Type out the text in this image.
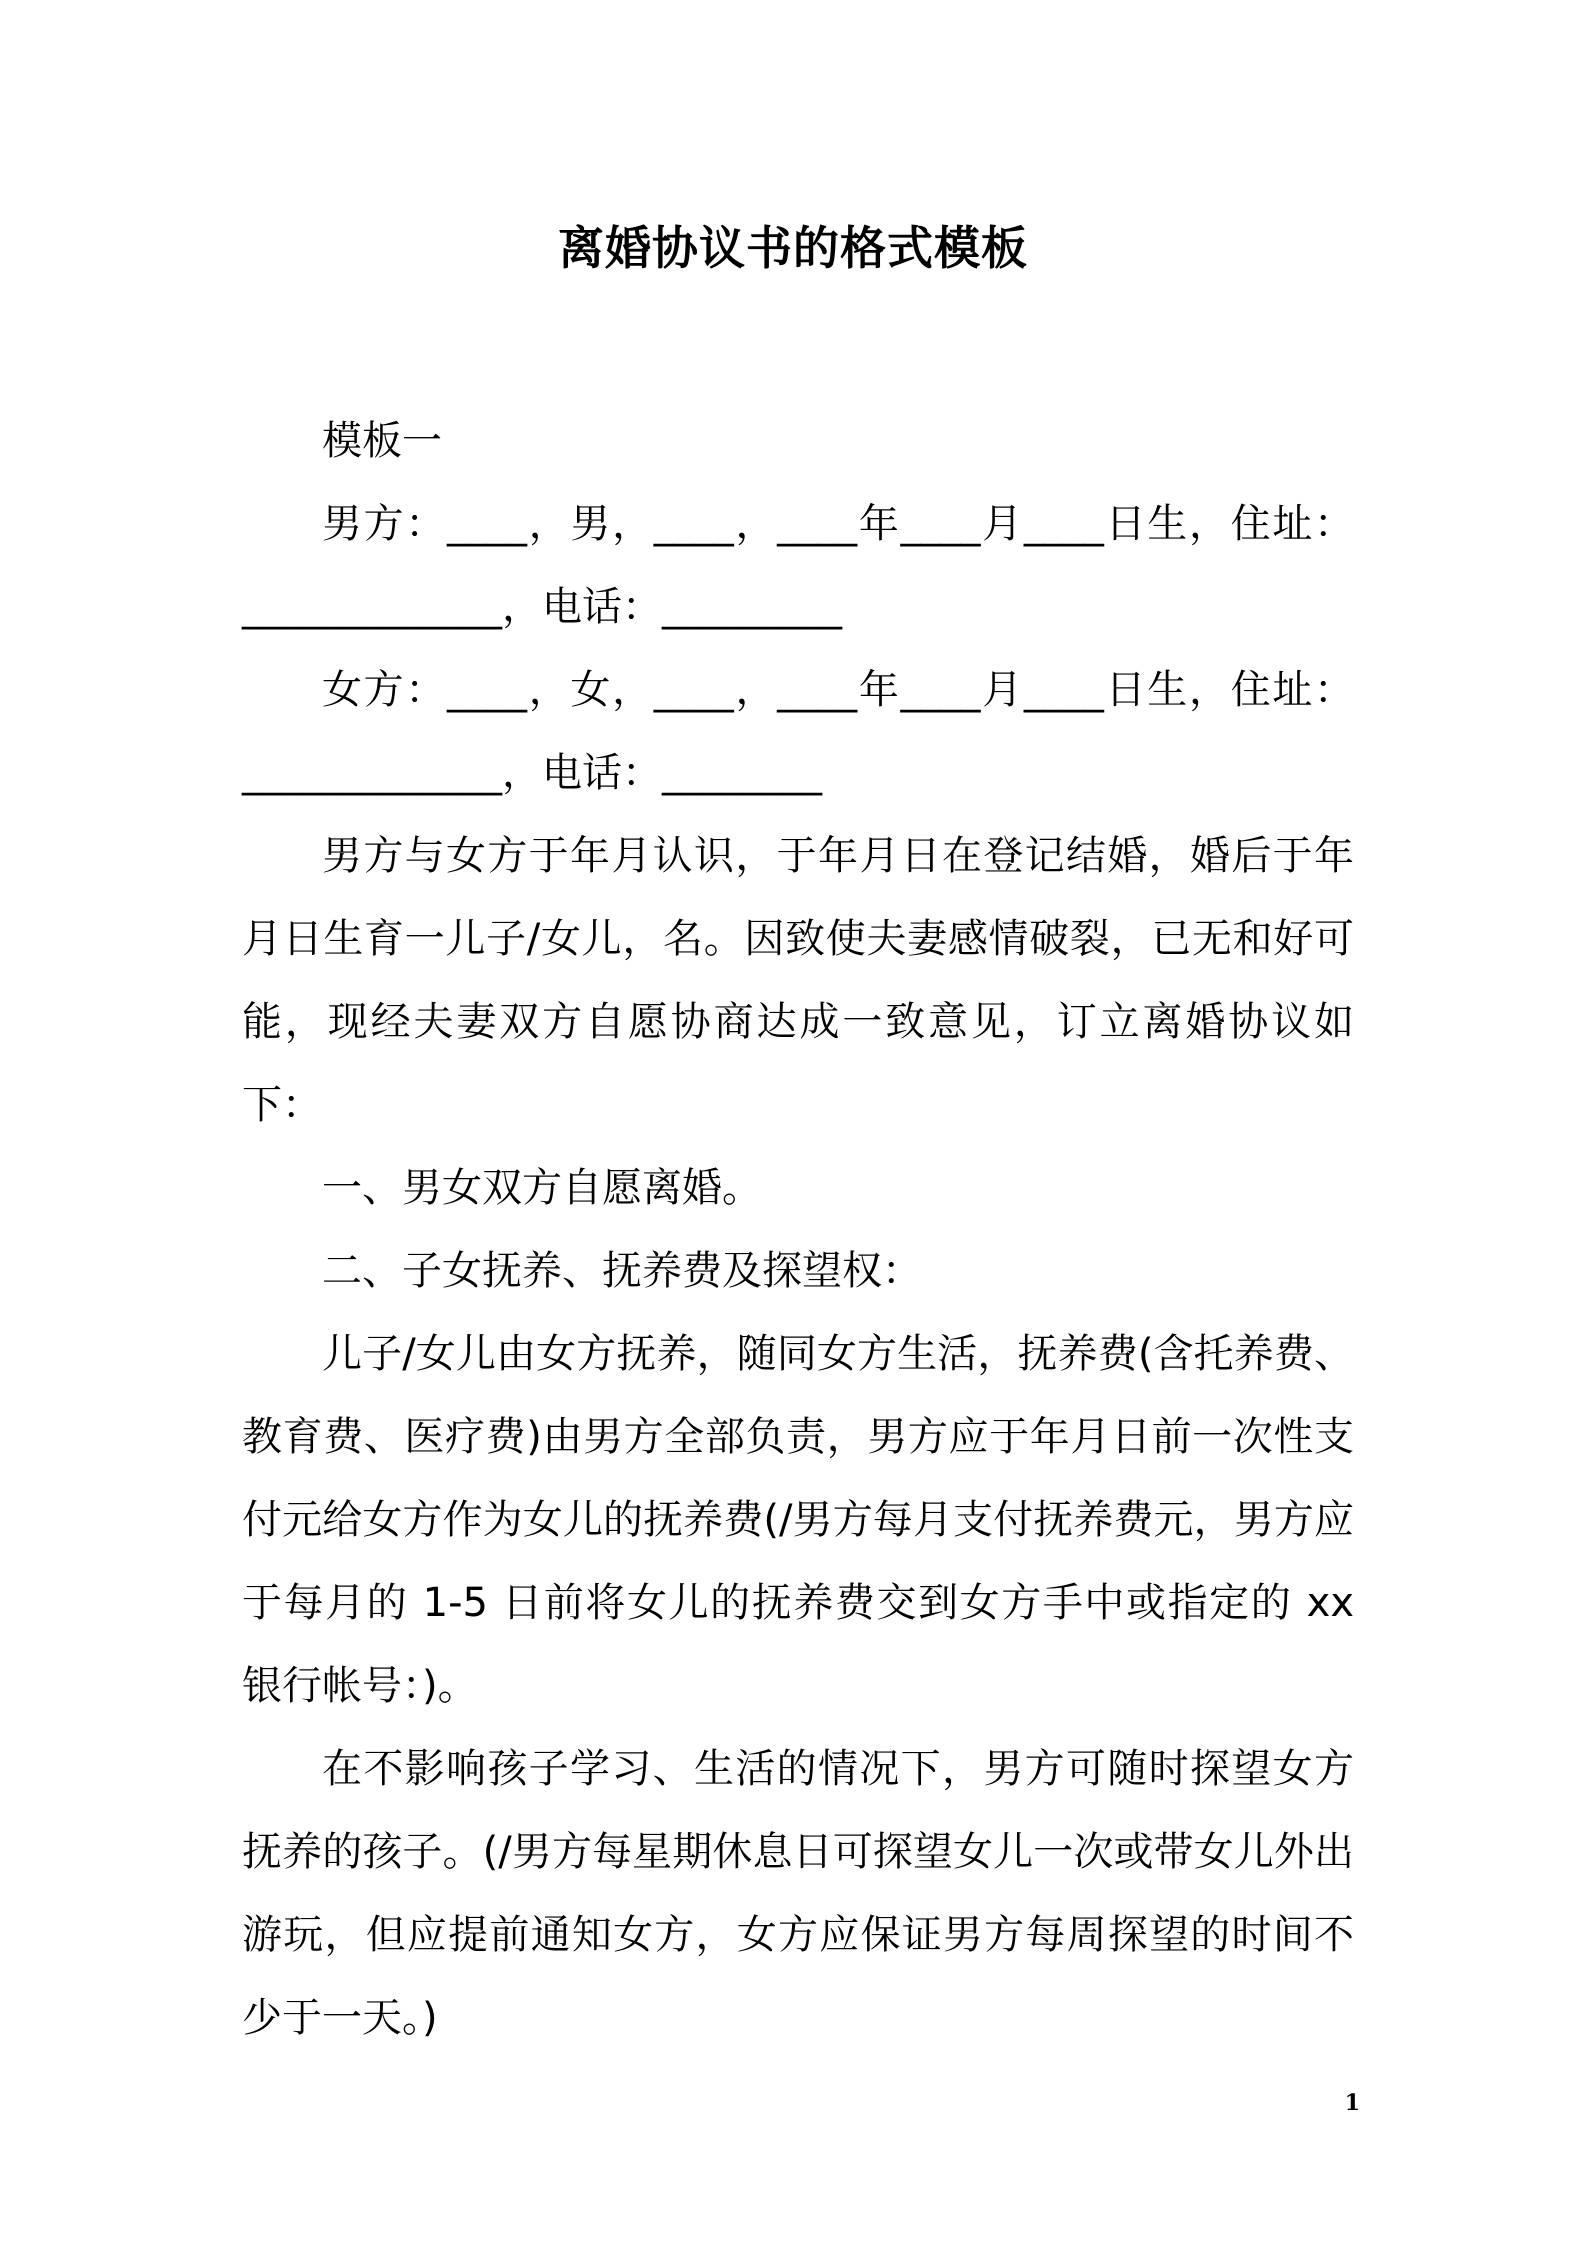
离婚协议书的格式模板

模板一

男方：____，男，____，____年____月____日生，住址：_____________，电话：_________

女方：____，女，____，____年____月____日生，住址：_____________，电话：________

男方与女方于年月认识，于年月日在登记结婚，婚后于年月日生育一儿子/女儿，名。因致使夫妻感情破裂，已无和好可能，现经夫妻双方自愿协商达成一致意见，订立离婚协议如下：

一、男女双方自愿离婚。

二、子女抚养、抚养费及探望权：

儿子/女儿由女方抚养，随同女方生活，抚养费(含托养费、教育费、医疗费)由男方全部负责，男方应于年月日前一次性支付元给女方作为女儿的抚养费(/男方每月支付抚养费元，男方应于每月的 1-5 日前将女儿的抚养费交到女方手中或指定的 xx 银行帐号：)。

在不影响孩子学习、生活的情况下，男方可随时探望女方抚养的孩子。(/男方每星期休息日可探望女儿一次或带女儿外出游玩，但应提前通知女方，女方应保证男方每周探望的时间不少于一天。)

1
